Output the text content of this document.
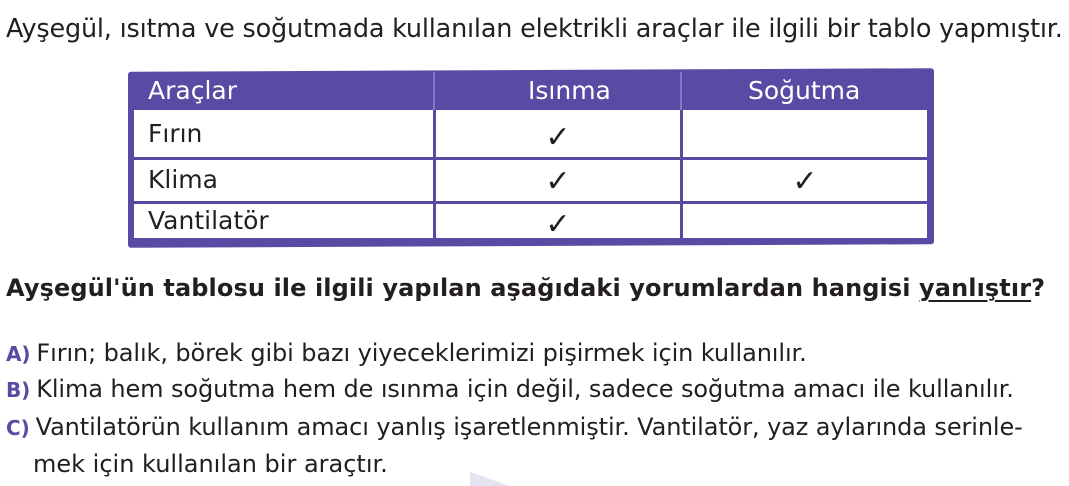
Ayşegül, ısıtma ve soğutmada kullanılan elektrikli araçlar ile ilgili bir tablo yapmıştır.
Araçlar	Isınma	Soğutma
Fırın	✓
Klima	✓	✓
Vantilatör	✓
Ayşegül'ün tablosu ile ilgili yapılan aşağıdaki yorumlardan hangisi yanlıştır?
A) Fırın; balık, börek gibi bazı yiyeceklerimizi pişirmek için kullanılır.
B) Klima hem soğutma hem de ısınma için değil, sadece soğutma amacı ile kullanılır.
C) Vantilatörün kullanım amacı yanlış işaretlenmiştir. Vantilatör, yaz aylarında serinle-
mek için kullanılan bir araçtır.
